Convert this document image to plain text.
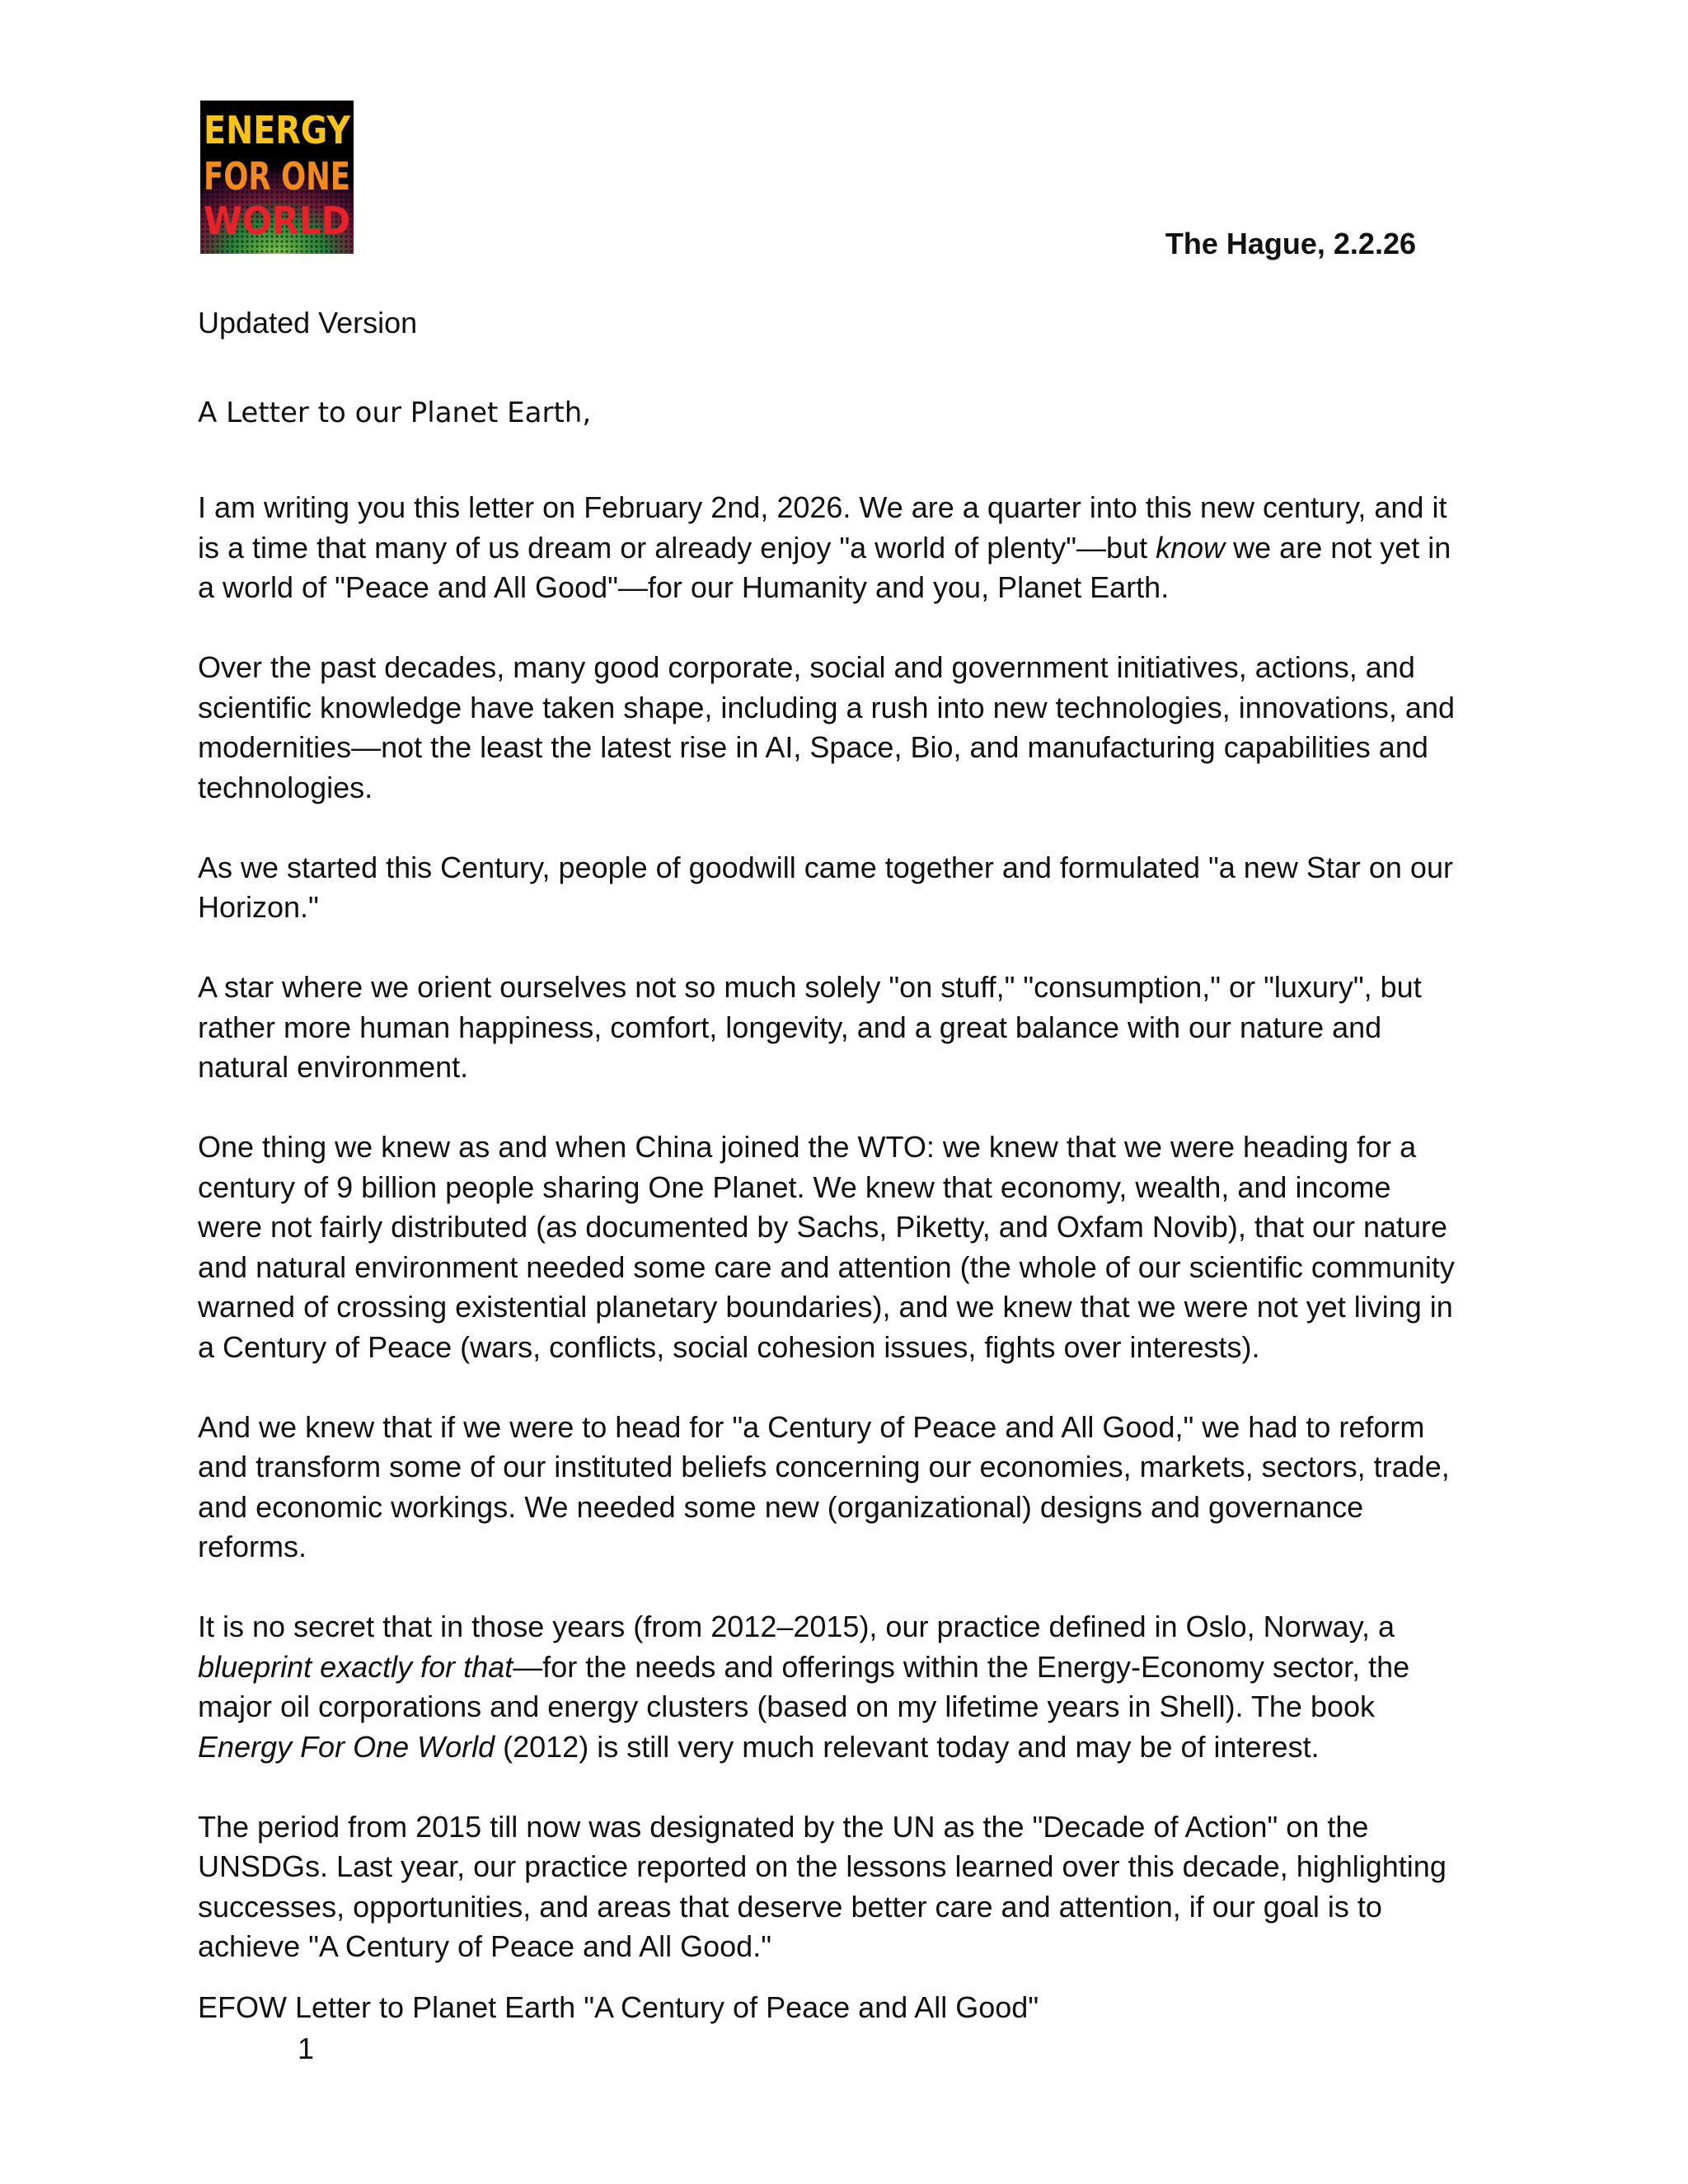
ENERGY
FOR ONE
WORLD
The Hague, 2.2.26
Updated Version
A Letter to our Planet Earth,
I am writing you this letter on February 2nd, 2026. We are a quarter into this new century, and it
is a time that many of us dream or already enjoy "a world of plenty"—but know we are not yet in
a world of "Peace and All Good"—for our Humanity and you, Planet Earth.
Over the past decades, many good corporate, social and government initiatives, actions, and
scientific knowledge have taken shape, including a rush into new technologies, innovations, and
modernities—not the least the latest rise in AI, Space, Bio, and manufacturing capabilities and
technologies.
As we started this Century, people of goodwill came together and formulated "a new Star on our
Horizon."
A star where we orient ourselves not so much solely "on stuff," "consumption," or "luxury", but
rather more human happiness, comfort, longevity, and a great balance with our nature and
natural environment.
One thing we knew as and when China joined the WTO: we knew that we were heading for a
century of 9 billion people sharing One Planet. We knew that economy, wealth, and income
were not fairly distributed (as documented by Sachs, Piketty, and Oxfam Novib), that our nature
and natural environment needed some care and attention (the whole of our scientific community
warned of crossing existential planetary boundaries), and we knew that we were not yet living in
a Century of Peace (wars, conflicts, social cohesion issues, fights over interests).
And we knew that if we were to head for "a Century of Peace and All Good," we had to reform
and transform some of our instituted beliefs concerning our economies, markets, sectors, trade,
and economic workings. We needed some new (organizational) designs and governance
reforms.
It is no secret that in those years (from 2012–2015), our practice defined in Oslo, Norway, a
blueprint exactly for that—for the needs and offerings within the Energy-Economy sector, the
major oil corporations and energy clusters (based on my lifetime years in Shell). The book
Energy For One World (2012) is still very much relevant today and may be of interest.
The period from 2015 till now was designated by the UN as the "Decade of Action" on the
UNSDGs. Last year, our practice reported on the lessons learned over this decade, highlighting
successes, opportunities, and areas that deserve better care and attention, if our goal is to
achieve "A Century of Peace and All Good."
EFOW Letter to Planet Earth "A Century of Peace and All Good"
1
